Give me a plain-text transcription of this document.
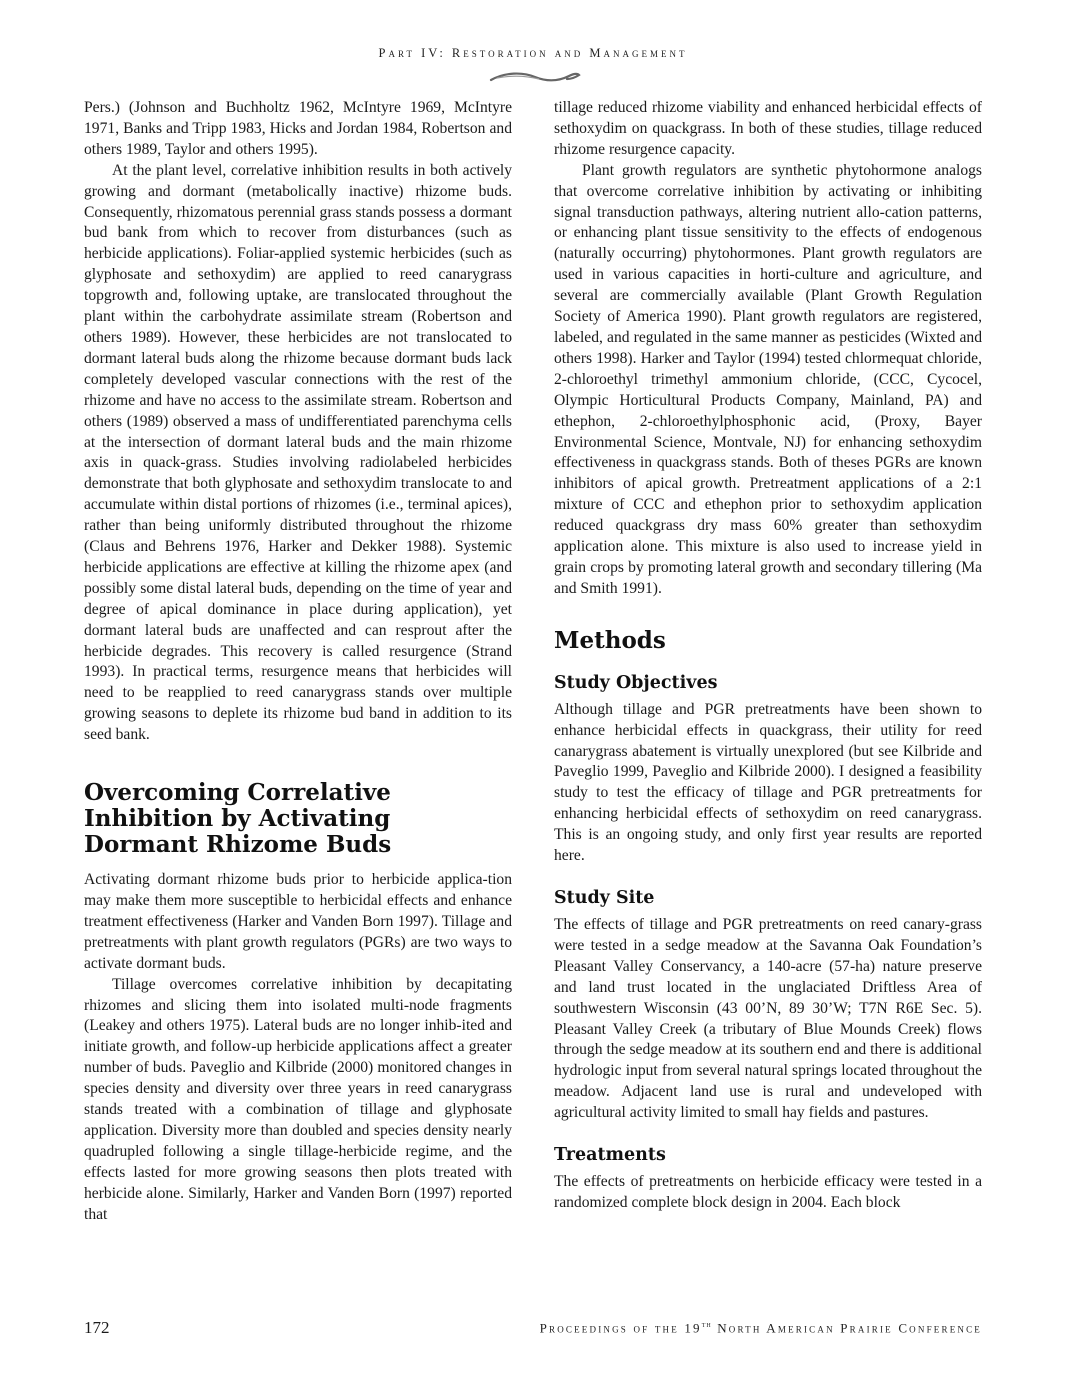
Part IV: Restoration and Management

Pers.) (Johnson and Buchholtz 1962, McIntyre 1969, McIntyre 1971, Banks and Tripp 1983, Hicks and Jordan 1984, Robertson and others 1989, Taylor and others 1995).

At the plant level, correlative inhibition results in both actively growing and dormant (metabolically inactive) rhizome buds. Consequently, rhizomatous perennial grass stands possess a dormant bud bank from which to recover from disturbances (such as herbicide applications). Foliar-applied systemic herbicides (such as glyphosate and sethoxydim) are applied to reed canarygrass topgrowth and, following uptake, are translocated throughout the plant within the carbohydrate assimilate stream (Robertson and others 1989). However, these herbicides are not translocated to dormant lateral buds along the rhizome because dormant buds lack completely developed vascular connections with the rest of the rhizome and have no access to the assimilate stream. Robertson and others (1989) observed a mass of undifferentiated parenchyma cells at the intersection of dormant lateral buds and the main rhizome axis in quack-grass. Studies involving radiolabeled herbicides demonstrate that both glyphosate and sethoxydim translocate to and accumulate within distal portions of rhizomes (i.e., terminal apices), rather than being uniformly distributed throughout the rhizome (Claus and Behrens 1976, Harker and Dekker 1988). Systemic herbicide applications are effective at killing the rhizome apex (and possibly some distal lateral buds, depending on the time of year and degree of apical dominance in place during application), yet dormant lateral buds are unaffected and can resprout after the herbicide degrades. This recovery is called resurgence (Strand 1993). In practical terms, resurgence means that herbicides will need to be reapplied to reed canarygrass stands over multiple growing seasons to deplete its rhizome bud band in addition to its seed bank.

Overcoming Correlative Inhibition by Activating Dormant Rhizome Buds

Activating dormant rhizome buds prior to herbicide applica-tion may make them more susceptible to herbicidal effects and enhance treatment effectiveness (Harker and Vanden Born 1997). Tillage and pretreatments with plant growth regulators (PGRs) are two ways to activate dormant buds.

Tillage overcomes correlative inhibition by decapitating rhizomes and slicing them into isolated multi-node fragments (Leakey and others 1975). Lateral buds are no longer inhib-ited and initiate growth, and follow-up herbicide applications affect a greater number of buds. Paveglio and Kilbride (2000) monitored changes in species density and diversity over three years in reed canarygrass stands treated with a combination of tillage and glyphosate application. Diversity more than doubled and species density nearly quadrupled following a single tillage-herbicide regime, and the effects lasted for more growing seasons then plots treated with herbicide alone. Similarly, Harker and Vanden Born (1997) reported that

tillage reduced rhizome viability and enhanced herbicidal effects of sethoxydim on quackgrass. In both of these studies, tillage reduced rhizome resurgence capacity.

Plant growth regulators are synthetic phytohormone analogs that overcome correlative inhibition by activating or inhibiting signal transduction pathways, altering nutrient allo-cation patterns, or enhancing plant tissue sensitivity to the effects of endogenous (naturally occurring) phytohormones. Plant growth regulators are used in various capacities in horti-culture and agriculture, and several are commercially available (Plant Growth Regulation Society of America 1990). Plant growth regulators are registered, labeled, and regulated in the same manner as pesticides (Wixted and others 1998). Harker and Taylor (1994) tested chlormequat chloride, 2-chloroethyl trimethyl ammonium chloride, (CCC, Cycocel, Olympic Horticultural Products Company, Mainland, PA) and ethephon, 2-chloroethylphosphonic acid, (Proxy, Bayer Environmental Science, Montvale, NJ) for enhancing sethoxydim effectiveness in quackgrass stands. Both of theses PGRs are known inhibitors of apical growth. Pretreatment applications of a 2:1 mixture of CCC and ethephon prior to sethoxydim application reduced quackgrass dry mass 60% greater than sethoxydim application alone. This mixture is also used to increase yield in grain crops by promoting lateral growth and secondary tillering (Ma and Smith 1991).

Methods
Study Objectives

Although tillage and PGR pretreatments have been shown to enhance herbicidal effects in quackgrass, their utility for reed canarygrass abatement is virtually unexplored (but see Kilbride and Paveglio 1999, Paveglio and Kilbride 2000). I designed a feasibility study to test the efficacy of tillage and PGR pretreatments for enhancing herbicidal effects of sethoxydim on reed canarygrass. This is an ongoing study, and only first year results are reported here.

Study Site

The effects of tillage and PGR pretreatments on reed canary-grass were tested in a sedge meadow at the Savanna Oak Foundation’s Pleasant Valley Conservancy, a 140-acre (57-ha) nature preserve and land trust located in the unglaciated Driftless Area of southwestern Wisconsin (43 00’N, 89 30’W; T7N R6E Sec. 5). Pleasant Valley Creek (a tributary of Blue Mounds Creek) flows through the sedge meadow at its southern end and there is additional hydrologic input from several natural springs located throughout the meadow. Adjacent land use is rural and undeveloped with agricultural activity limited to small hay fields and pastures.

Treatments

The effects of pretreatments on herbicide efficacy were tested in a randomized complete block design in 2004. Each block

172	Proceedings of the 19th North American Prairie Conference
